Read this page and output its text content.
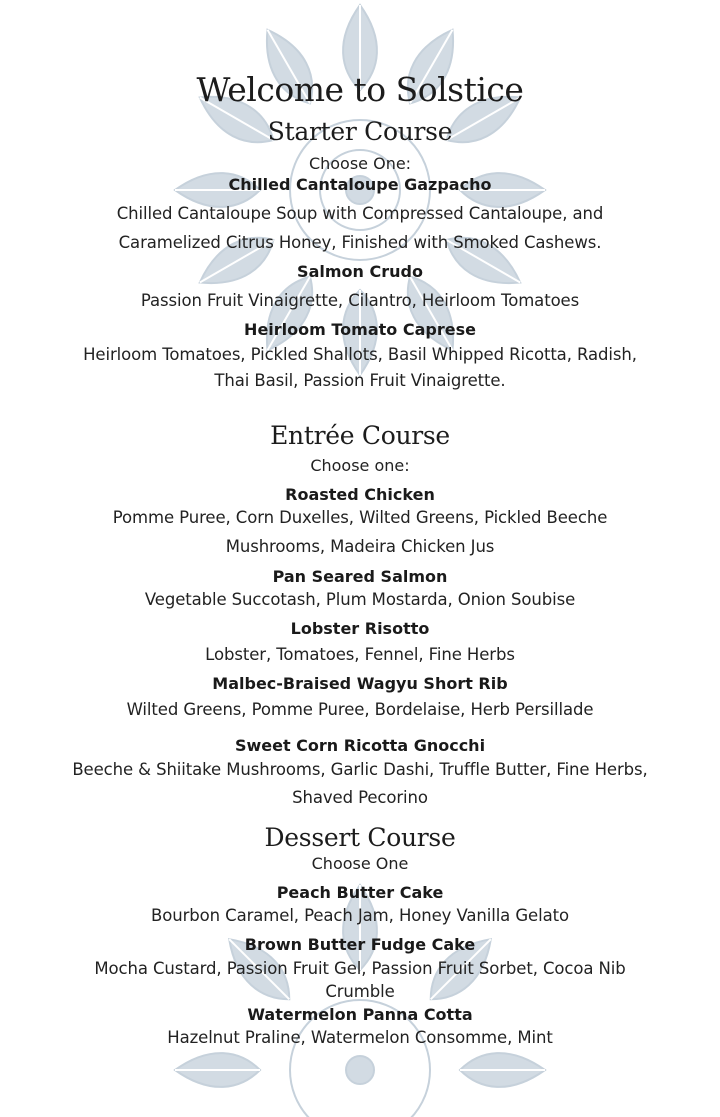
Welcome to Solstice
Starter Course
Choose One:
Chilled Cantaloupe Gazpacho
Chilled Cantaloupe Soup with Compressed Cantaloupe, and
Caramelized Citrus Honey, Finished with Smoked Cashews.
Salmon Crudo
Passion Fruit Vinaigrette, Cilantro, Heirloom Tomatoes
Heirloom Tomato Caprese
Heirloom Tomatoes, Pickled Shallots, Basil Whipped Ricotta, Radish,
Thai Basil, Passion Fruit Vinaigrette.
Entrée Course
Choose one:
Roasted Chicken
Pomme Puree, Corn Duxelles, Wilted Greens, Pickled Beeche
Mushrooms, Madeira Chicken Jus
Pan Seared Salmon
Vegetable Succotash, Plum Mostarda, Onion Soubise
Lobster Risotto
Lobster, Tomatoes, Fennel, Fine Herbs
Malbec-Braised Wagyu Short Rib
Wilted Greens, Pomme Puree, Bordelaise, Herb Persillade
Sweet Corn Ricotta Gnocchi
Beeche & Shiitake Mushrooms, Garlic Dashi, Truffle Butter, Fine Herbs,
Shaved Pecorino
Dessert Course
Choose One
Peach Butter Cake
Bourbon Caramel, Peach Jam, Honey Vanilla Gelato
Brown Butter Fudge Cake
Mocha Custard, Passion Fruit Gel, Passion Fruit Sorbet, Cocoa Nib
Crumble
Watermelon Panna Cotta
Hazelnut Praline, Watermelon Consomme, Mint
